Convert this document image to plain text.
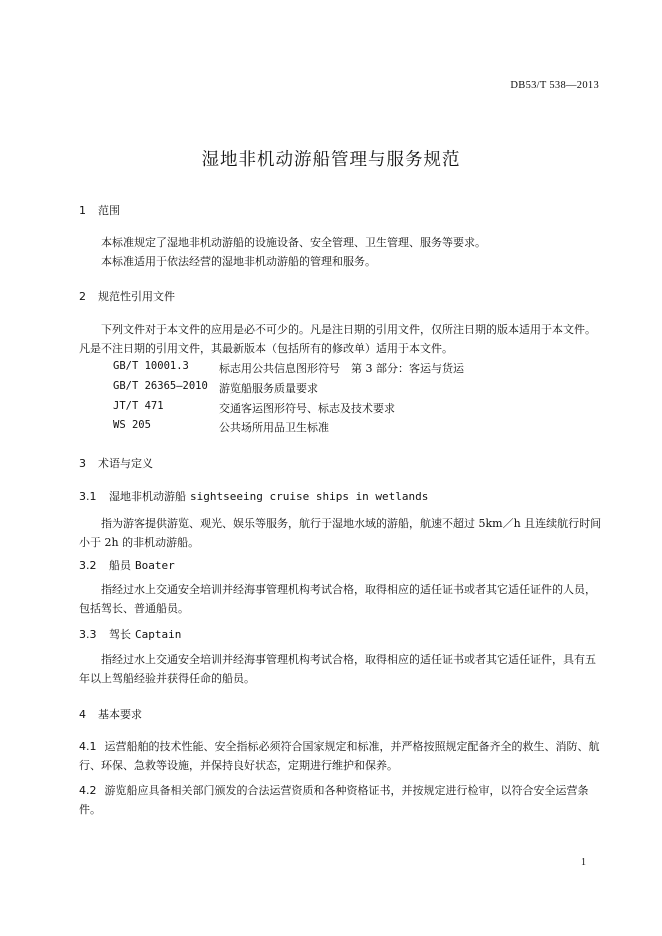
DB53/T 538—2013
湿地非机动游船管理与服务规范
1 范围
本标准规定了湿地非机动游船的设施设备、安全管理、卫生管理、服务等要求。
本标准适用于依法经营的湿地非机动游船的管理和服务。
2 规范性引用文件
下列文件对于本文件的应用是必不可少的。凡是注日期的引用文件，仅所注日期的版本适用于本文件。凡是不注日期的引用文件，其最新版本（包括所有的修改单）适用于本文件。
GB/T 10001.3	标志用公共信息图形符号　第 3 部分：客运与货运
GB/T 26365—2010 游览船服务质量要求
JT/T 471	交通客运图形符号、标志及技术要求
WS 205	公共场所用品卫生标准
3 术语与定义
3.1 湿地非机动游船 sightseeing cruise ships in wetlands
指为游客提供游览、观光、娱乐等服务，航行于湿地水域的游船，航速不超过 5km／h 且连续航行时间小于 2h 的非机动游船。
3.2 船员 Boater
指经过水上交通安全培训并经海事管理机构考试合格，取得相应的适任证书或者其它适任证件的人员，包括驾长、普通船员。
3.3 驾长 Captain
指经过水上交通安全培训并经海事管理机构考试合格，取得相应的适任证书或者其它适任证件，具有五年以上驾船经验并获得任命的船员。
4 基本要求
4.1 运营船舶的技术性能、安全指标必须符合国家规定和标准，并严格按照规定配备齐全的救生、消防、航行、环保、急救等设施，并保持良好状态，定期进行维护和保养。
4.2 游览船应具备相关部门颁发的合法运营资质和各种资格证书，并按规定进行检审，以符合安全运营条件。
1
